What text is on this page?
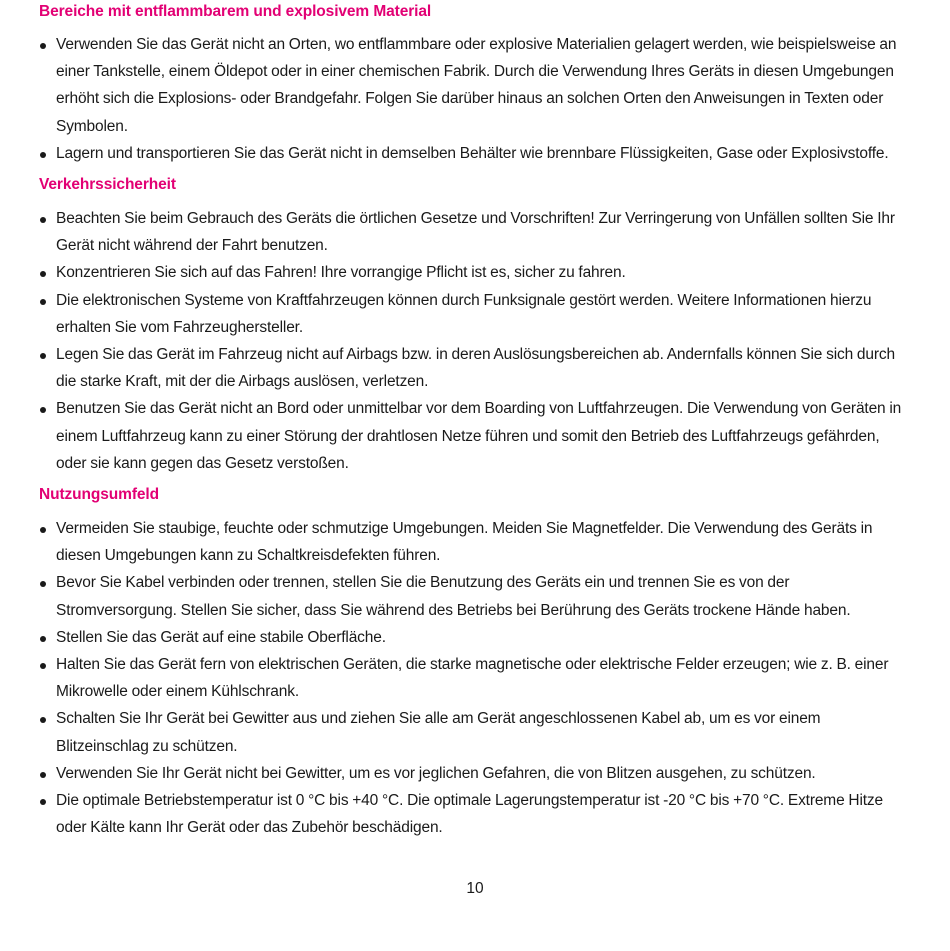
Bereiche mit entflammbarem und explosivem Material
Verwenden Sie das Gerät nicht an Orten, wo entflammbare oder explosive Materialien gelagert werden, wie beispielsweise an einer Tankstelle, einem Öldepot oder in einer chemischen Fabrik. Durch die Verwendung Ihres Geräts in diesen Umgebungen erhöht sich die Explosions- oder Brandgefahr. Folgen Sie darüber hinaus an solchen Orten den Anweisungen in Texten oder Symbolen.
Lagern und transportieren Sie das Gerät nicht in demselben Behälter wie brennbare Flüssigkeiten, Gase oder Explosivstoffe.
Verkehrssicherheit
Beachten Sie beim Gebrauch des Geräts die örtlichen Gesetze und Vorschriften! Zur Verringerung von Unfällen sollten Sie Ihr Gerät nicht während der Fahrt benutzen.
Konzentrieren Sie sich auf das Fahren! Ihre vorrangige Pflicht ist es, sicher zu fahren.
Die elektronischen Systeme von Kraftfahrzeugen können durch Funksignale gestört werden. Weitere Informationen hierzu erhalten Sie vom Fahrzeughersteller.
Legen Sie das Gerät im Fahrzeug nicht auf Airbags bzw. in deren Auslösungsbereichen ab. Andernfalls können Sie sich durch die starke Kraft, mit der die Airbags auslösen, verletzen.
Benutzen Sie das Gerät nicht an Bord oder unmittelbar vor dem Boarding von Luftfahrzeugen. Die Verwendung von Geräten in einem Luftfahrzeug kann zu einer Störung der drahtlosen Netze führen und somit den Betrieb des Luftfahrzeugs gefährden, oder sie kann gegen das Gesetz verstoßen.
Nutzungsumfeld
Vermeiden Sie staubige, feuchte oder schmutzige Umgebungen. Meiden Sie Magnetfelder. Die Verwendung des Geräts in diesen Umgebungen kann zu Schaltkreisdefekten führen.
Bevor Sie Kabel verbinden oder trennen, stellen Sie die Benutzung des Geräts ein und trennen Sie es von der Stromversorgung. Stellen Sie sicher, dass Sie während des Betriebs bei Berührung des Geräts trockene Hände haben.
Stellen Sie das Gerät auf eine stabile Oberfläche.
Halten Sie das Gerät fern von elektrischen Geräten, die starke magnetische oder elektrische Felder erzeugen; wie z. B. einer Mikrowelle oder einem Kühlschrank.
Schalten Sie Ihr Gerät bei Gewitter aus und ziehen Sie alle am Gerät angeschlossenen Kabel ab, um es vor einem Blitzeinschlag zu schützen.
Verwenden Sie Ihr Gerät nicht bei Gewitter, um es vor jeglichen Gefahren, die von Blitzen ausgehen, zu schützen.
Die optimale Betriebstemperatur ist 0 °C bis +40 °C. Die optimale Lagerungstemperatur ist -20 °C bis +70 °C. Extreme Hitze oder Kälte kann Ihr Gerät oder das Zubehör beschädigen.
10
